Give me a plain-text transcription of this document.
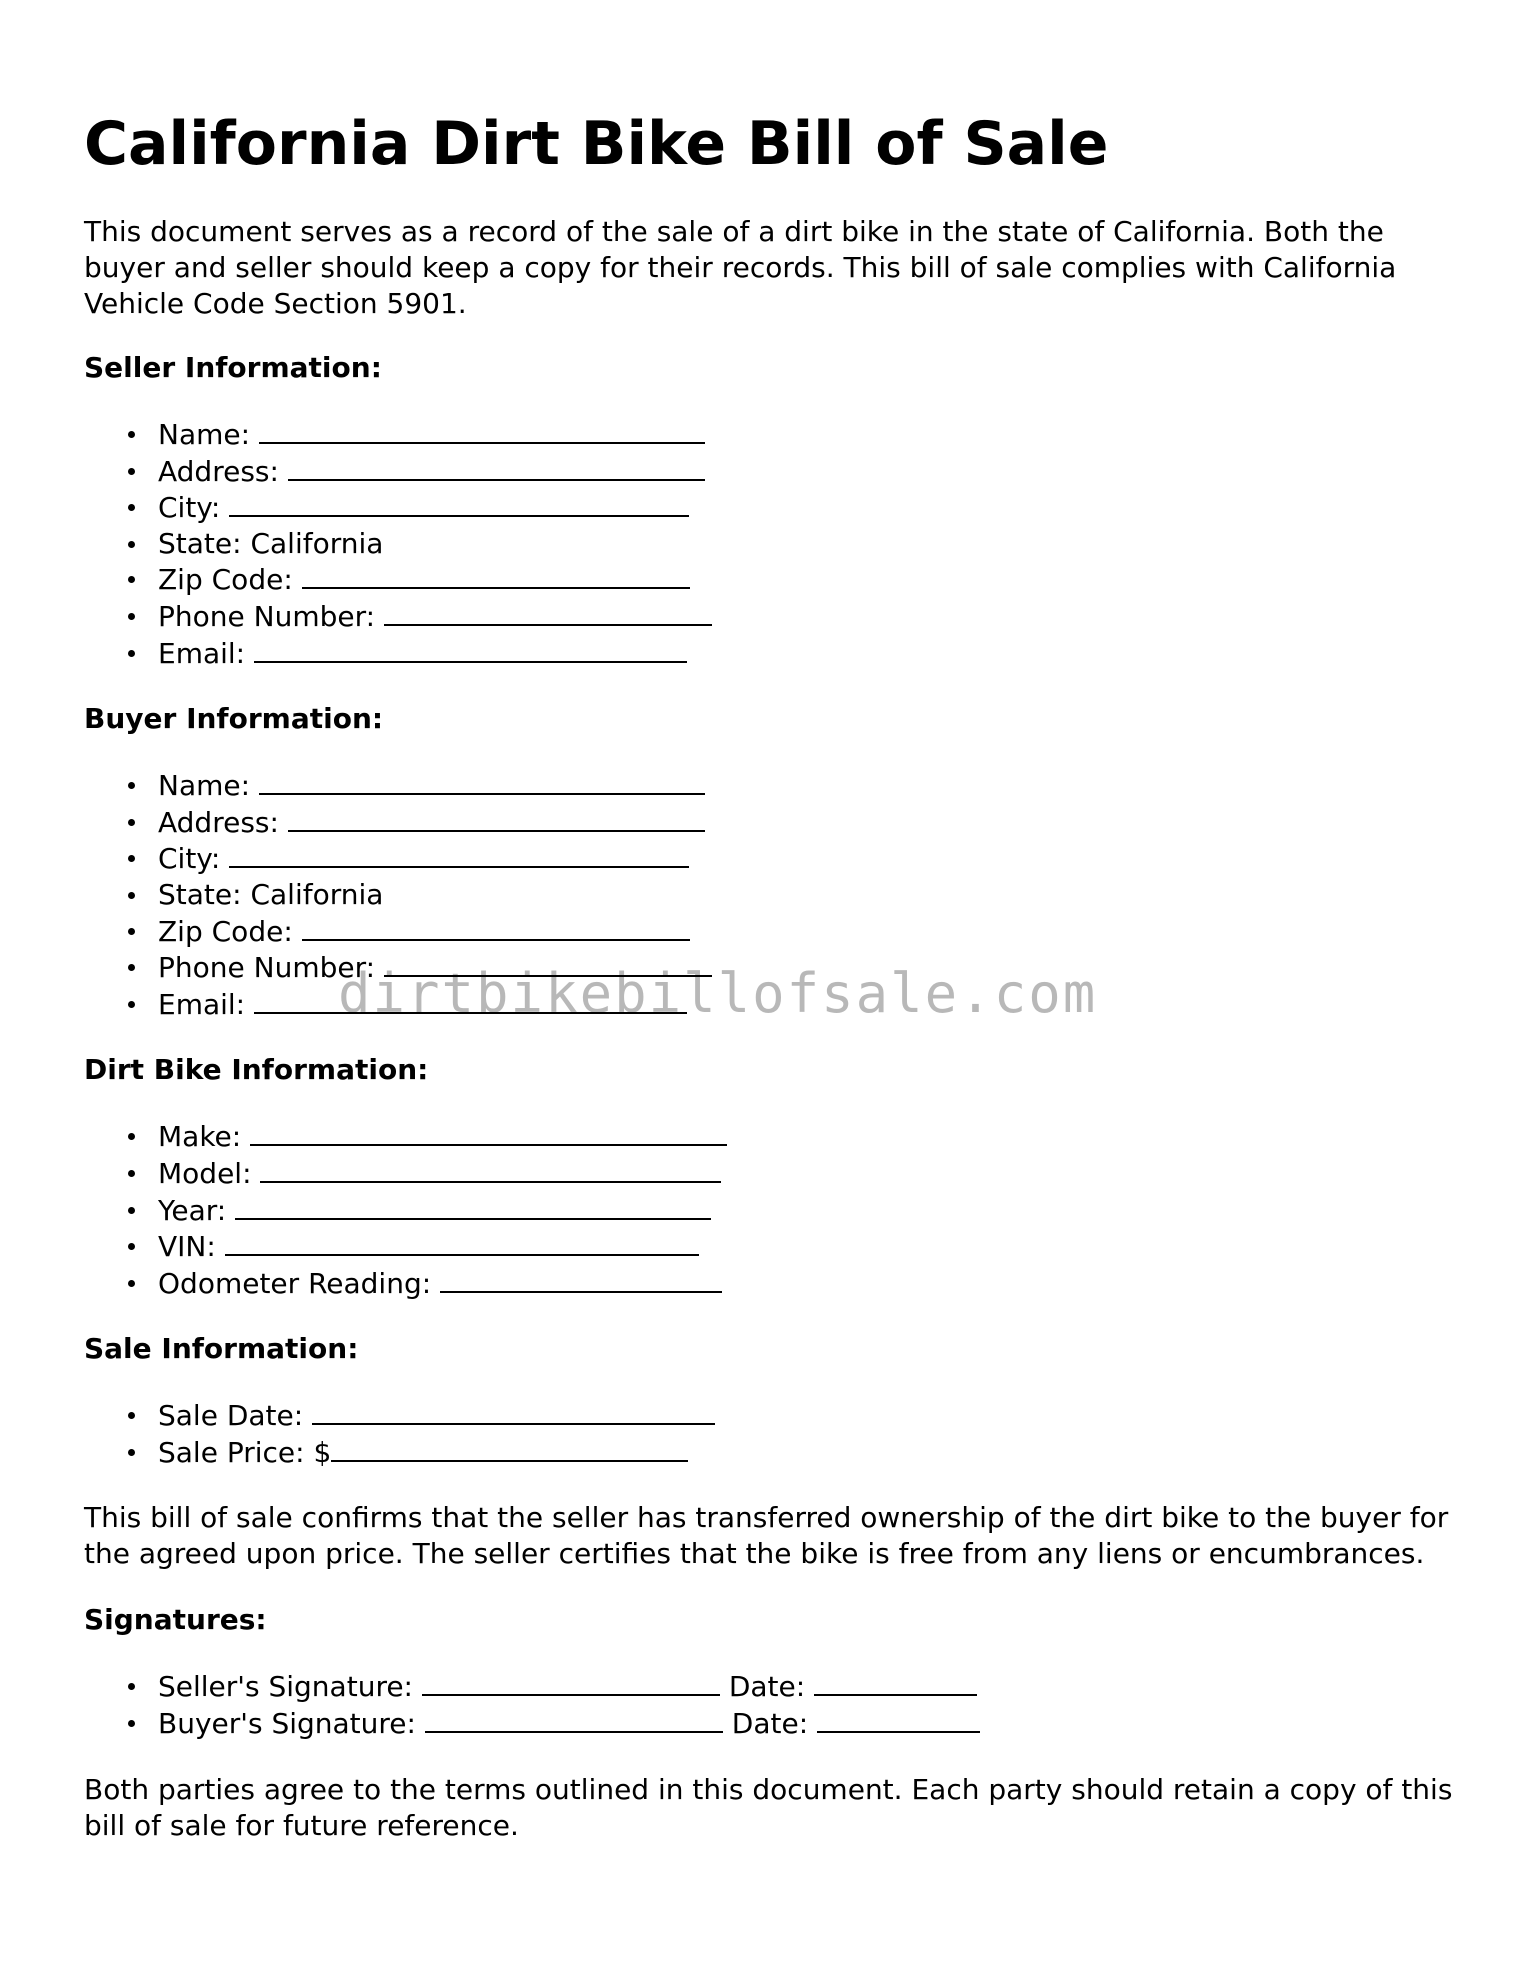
California Dirt Bike Bill of Sale

This document serves as a record of the sale of a dirt bike in the state of California. Both the buyer and seller should keep a copy for their records. This bill of sale complies with California Vehicle Code Section 5901.

Seller Information:
Name:
Address:
City:
State: California
Zip Code:
Phone Number:
Email:
Buyer Information:
Name:
Address:
City:
State: California
Zip Code:
Phone Number:
Email:
Dirt Bike Information:
Make:
Model:
Year:
VIN:
Odometer Reading:
Sale Information:
Sale Date:
Sale Price: $

This bill of sale confirms that the seller has transferred ownership of the dirt bike to the buyer for the agreed upon price. The seller certifies that the bike is free from any liens or encumbrances.

Signatures:
Seller's Signature:	Date:
Buyer's Signature:	Date:

Both parties agree to the terms outlined in this document. Each party should retain a copy of this bill of sale for future reference.

dirtbikebillofsale.com
